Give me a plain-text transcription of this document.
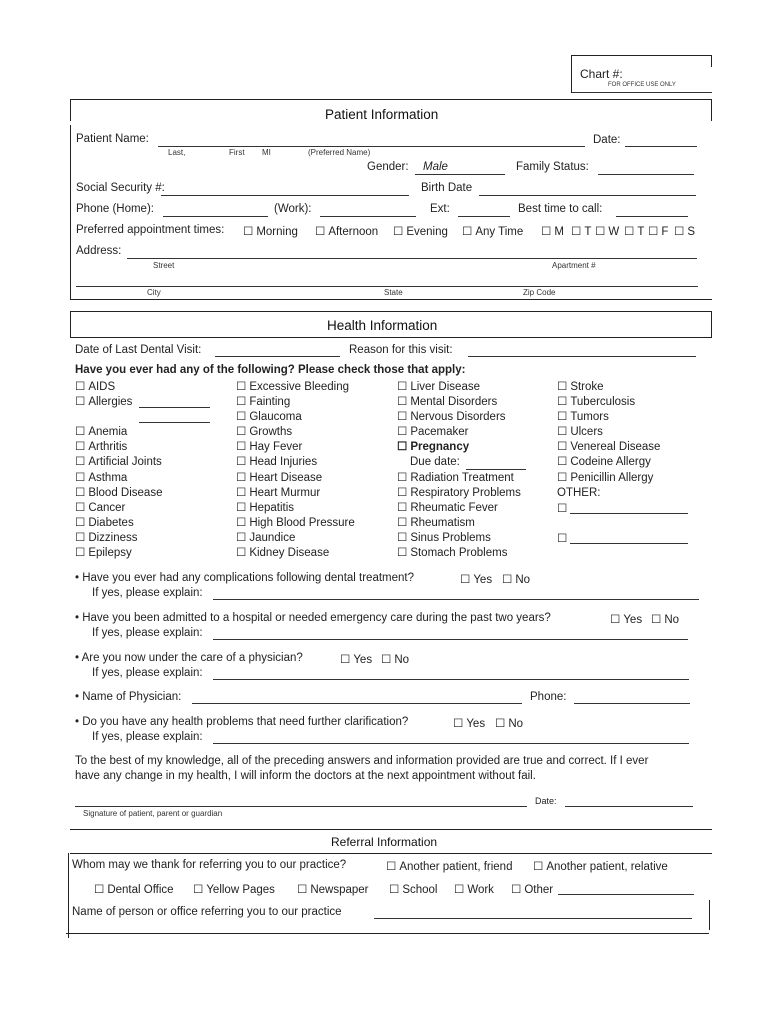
Chart #:
FOR OFFICE USE ONLY
Patient Information
Patient Name:	Date:
Last,	First MI	(Preferred Name)
Gender: Male	Family Status:
Social Security #:	Birth Date
Phone (Home):	(Work):	Ext:	Best time to call:
Preferred appointment times:	☐ Morning	☐ Afternoon	☐ Evening	☐ Any Time	☐ M	☐ T	☐ W	☐ T	☐ F	☐ S
Address:
Street	Apartment #
City	State	Zip Code
Health Information
Date of Last Dental Visit:	Reason for this visit:
Have you ever had any of the following? Please check those that apply:
☐ AIDS
☐ Allergies
☐ Anemia
☐ Arthritis
☐ Artificial Joints
☐ Asthma
☐ Blood Disease
☐ Cancer
☐ Diabetes
☐ Dizziness
☐ Epilepsy
☐ Excessive Bleeding
☐ Fainting
☐ Glaucoma
☐ Growths
☐ Hay Fever
☐ Head Injuries
☐ Heart Disease
☐ Heart Murmur
☐ Hepatitis
☐ High Blood Pressure
☐ Jaundice
☐ Kidney Disease
☐ Liver Disease
☐ Mental Disorders
☐ Nervous Disorders
☐ Pacemaker
☐ Pregnancy
Due date:
☐ Radiation Treatment
☐ Respiratory Problems
☐ Rheumatic Fever
☐ Rheumatism
☐ Sinus Problems
☐ Stomach Problems
☐ Stroke
☐ Tuberculosis
☐ Tumors
☐ Ulcers
☐ Venereal Disease
☐ Codeine Allergy
☐ Penicillin Allergy
OTHER:
☐
☐
• Have you ever had any complications following dental treatment?	☐ Yes	☐ No
If yes, please explain:
• Have you been admitted to a hospital or needed emergency care during the past two years?	☐ Yes	☐ No
If yes, please explain:
• Are you now under the care of a physician?	☐ Yes	☐ No
If yes, please explain:
• Name of Physician:	Phone:
• Do you have any health problems that need further clarification?	☐ Yes	☐ No
If yes, please explain:
To the best of my knowledge, all of the preceding answers and information provided are true and correct. If I ever
have any change in my health, I will inform the doctors at the next appointment without fail.
Signature of patient, parent or guardian
Date:
Referral Information
Whom may we thank for referring you to our practice?	☐ Another patient, friend	☐ Another patient, relative
☐ Dental Office	☐ Yellow Pages	☐ Newspaper	☐ School	☐ Work	☐ Other
Name of person or office referring you to our practice
